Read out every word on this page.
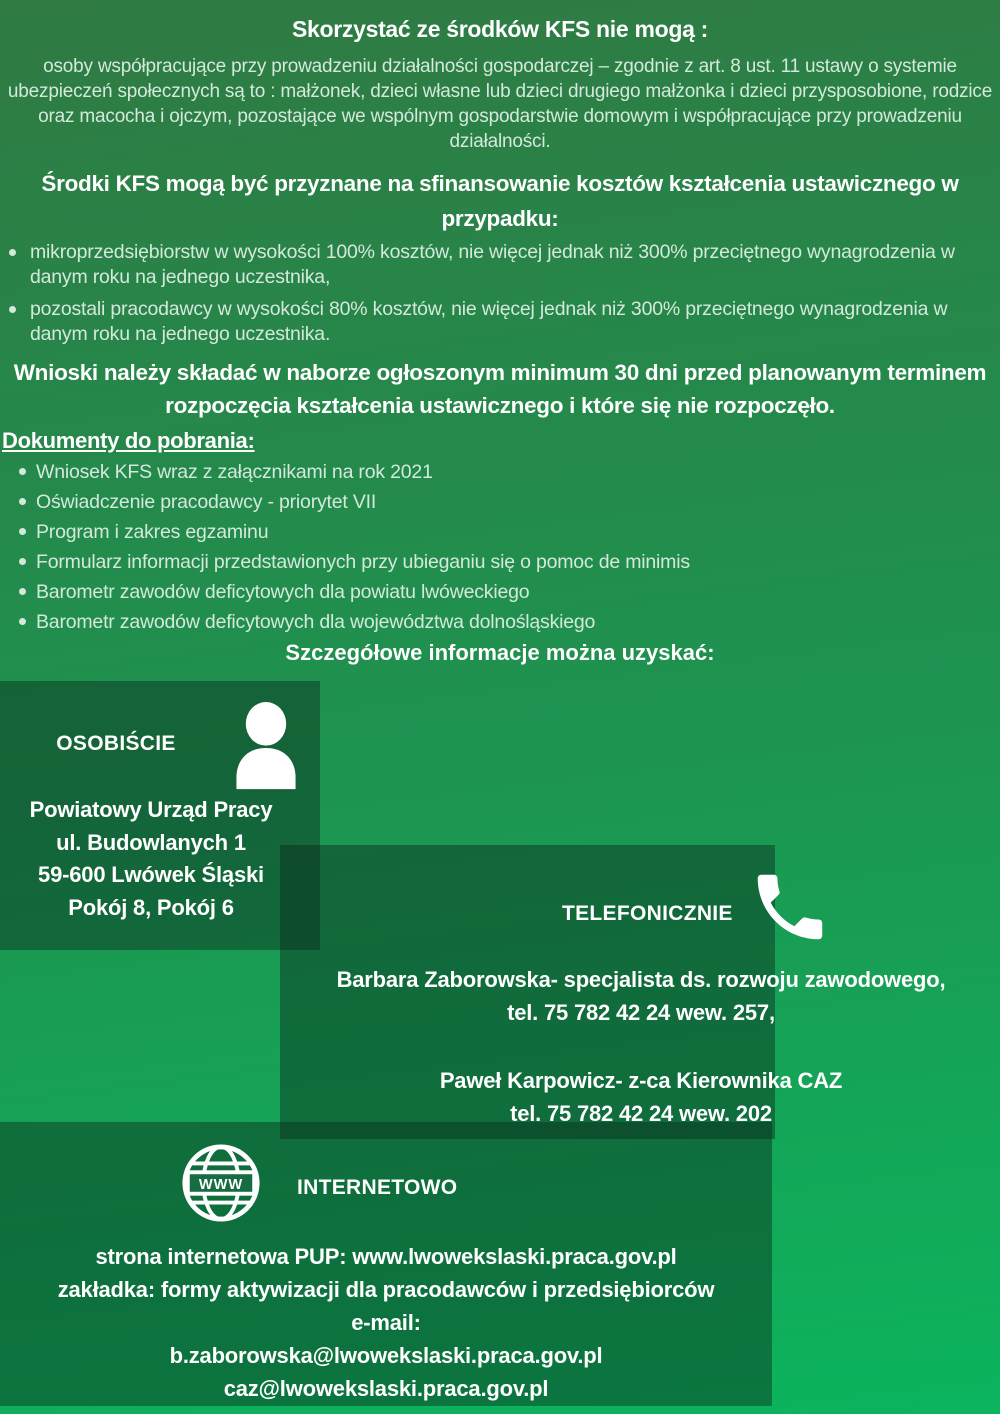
Skorzystać ze środków KFS nie mogą :
osoby współpracujące przy prowadzeniu działalności gospodarczej – zgodnie z art. 8 ust. 11 ustawy o systemie ubezpieczeń społecznych są to : małżonek, dzieci własne lub dzieci drugiego małżonka i dzieci przysposobione, rodzice oraz macocha i ojczym, pozostające we wspólnym gospodarstwie domowym i współpracujące przy prowadzeniu działalności.
Środki KFS mogą być przyznane na sfinansowanie kosztów kształcenia ustawicznego w przypadku:
mikroprzedsiębiorstw w wysokości 100% kosztów, nie więcej jednak niż 300% przeciętnego wynagrodzenia w danym roku na jednego uczestnika,
pozostali pracodawcy w wysokości 80% kosztów, nie więcej jednak niż 300% przeciętnego wynagrodzenia w danym roku na jednego uczestnika.
Wnioski należy składać w naborze ogłoszonym minimum 30 dni przed planowanym terminem rozpoczęcia kształcenia ustawicznego i które się nie rozpoczęło.
Dokumenty do pobrania:
Wniosek KFS wraz z załącznikami na rok 2021
Oświadczenie pracodawcy - priorytet VII
Program i zakres egzaminu
Formularz informacji przedstawionych przy ubieganiu się o pomoc de minimis
Barometr zawodów deficytowych dla powiatu lwóweckiego
Barometr zawodów deficytowych dla województwa dolnośląskiego
Szczegółowe informacje można uzyskać:
OSOBIŚCIE
Powiatowy Urząd Pracy
ul. Budowlanych 1
59-600 Lwówek Śląski
Pokój 8, Pokój 6	TELEFONICZNIE
Barbara Zaborowska- specjalista ds. rozwoju zawodowego,
tel. 75 782 42 24 wew. 257,
Paweł Karpowicz- z-ca Kierownika CAZ
tel. 75 782 42 24 wew. 202
WWW	INTERNETOWO
strona internetowa PUP: www.lwowekslaski.praca.gov.pl
zakładka: formy aktywizacji dla pracodawców i przedsiębiorców
e-mail:
b.zaborowska@lwowekslaski.praca.gov.pl
caz@lwowekslaski.praca.gov.pl
